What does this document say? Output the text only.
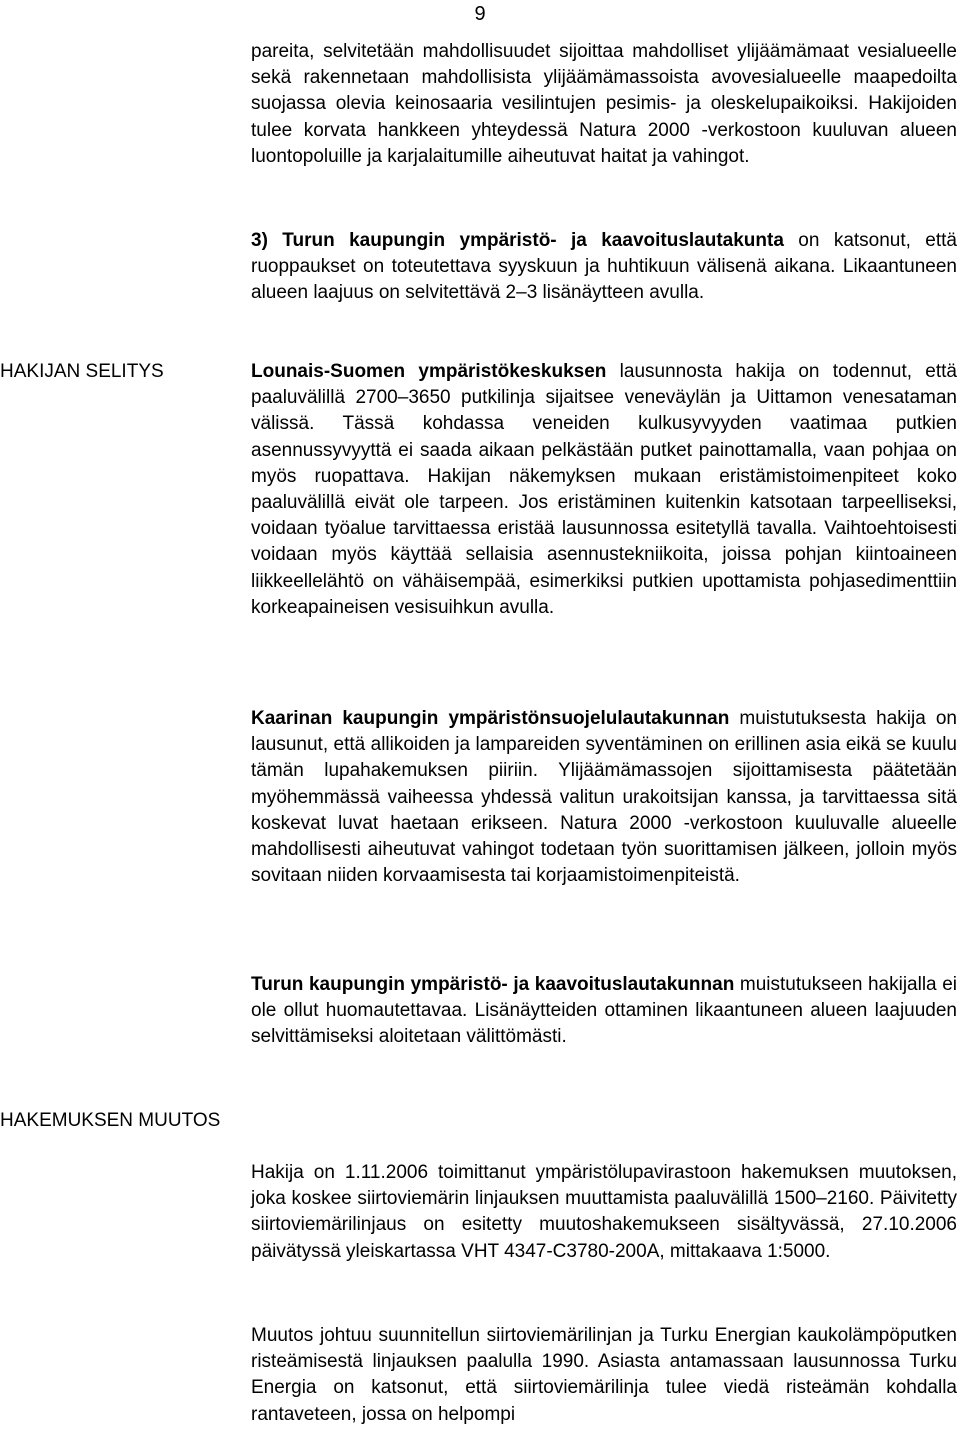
9

pareita, selvitetään mahdollisuudet sijoittaa mahdolliset ylijäämämaat vesialueelle sekä rakennetaan mahdollisista ylijäämämassoista avovesialueelle maapedoilta suojassa olevia keinosaaria vesilintujen pesimis- ja oleskelupaikoiksi. Hakijoiden tulee korvata hankkeen yhteydessä Natura 2000 -verkostoon kuuluvan alueen luontopoluille ja karjalaitumille aiheutuvat haitat ja vahingot.

3) Turun kaupungin ympäristö- ja kaavoituslautakunta on katsonut, että ruoppaukset on toteutettava syyskuun ja huhtikuun välisenä aikana. Likaantuneen alueen laajuus on selvitettävä 2–3 lisänäytteen avulla.

HAKIJAN SELITYS	Lounais-Suomen ympäristökeskuksen lausunnosta hakija on todennut, että paaluvälillä 2700–3650 putkilinja sijaitsee veneväylän ja Uittamon venesataman välissä. Tässä kohdassa veneiden kulkusyvyyden vaatimaa putkien asennussyvyyttä ei saada aikaan pelkästään putket painottamalla, vaan pohjaa on myös ruopattava. Hakijan näkemyksen mukaan eristämistoimenpiteet koko paaluvälillä eivät ole tarpeen. Jos eristäminen kuitenkin katsotaan tarpeelliseksi, voidaan työalue tarvittaessa eristää lausunnossa esitetyllä tavalla. Vaihtoehtoisesti voidaan myös käyttää sellaisia asennustekniikoita, joissa pohjan kiintoaineen liikkeellelähtö on vähäisempää, esimerkiksi putkien upottamista pohjasedimenttiin korkeapaineisen vesisuihkun avulla.

Kaarinan kaupungin ympäristönsuojelulautakunnan muistutuksesta hakija on lausunut, että allikoiden ja lampareiden syventäminen on erillinen asia eikä se kuulu tämän lupahakemuksen piiriin. Ylijäämämassojen sijoittamisesta päätetään myöhemmässä vaiheessa yhdessä valitun urakoitsijan kanssa, ja tarvittaessa sitä koskevat luvat haetaan erikseen. Natura 2000 -verkostoon kuuluvalle alueelle mahdollisesti aiheutuvat vahingot todetaan työn suorittamisen jälkeen, jolloin myös sovitaan niiden korvaamisesta tai korjaamistoimenpiteistä.

Turun kaupungin ympäristö- ja kaavoituslautakunnan muistutukseen hakijalla ei ole ollut huomautettavaa. Lisänäytteiden ottaminen likaantuneen alueen laajuuden selvittämiseksi aloitetaan välittömästi.

HAKEMUKSEN MUUTOS

Hakija on 1.11.2006 toimittanut ympäristölupavirastoon hakemuksen muutoksen, joka koskee siirtoviemärin linjauksen muuttamista paaluvälillä 1500–2160. Päivitetty siirtoviemärilinjaus on esitetty muutoshakemukseen sisältyvässä, 27.10.2006 päivätyssä yleiskartassa VHT 4347-C3780-200A, mittakaava 1:5000.

Muutos johtuu suunnitellun siirtoviemärilinjan ja Turku Energian kaukolämpöputken risteämisestä linjauksen paalulla 1990. Asiasta antamassaan lausunnossa Turku Energia on katsonut, että siirtoviemärilinja tulee viedä risteämän kohdalla rantaveteen, jossa on helpompi
